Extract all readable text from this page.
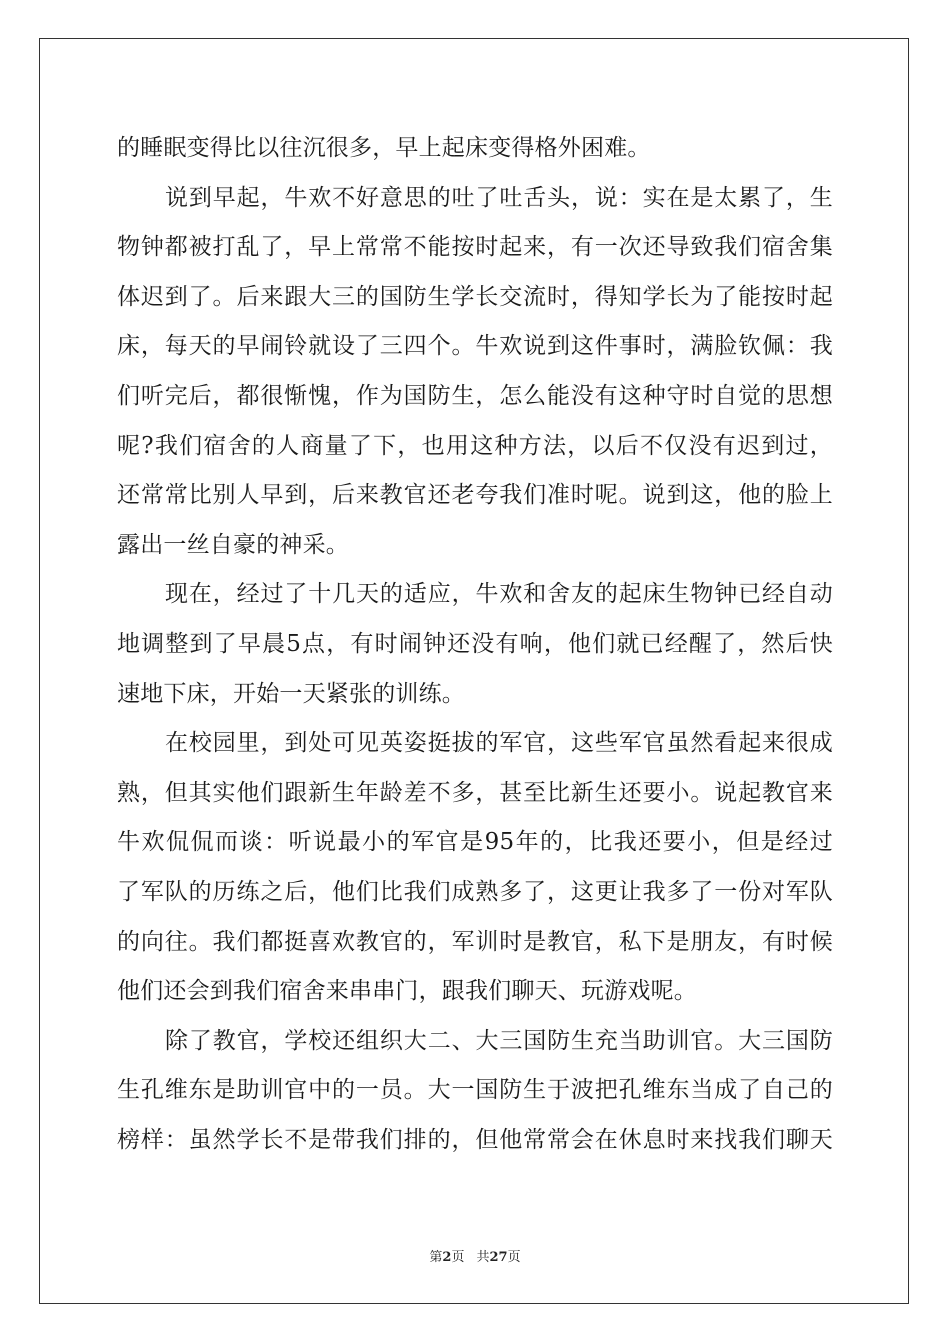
的睡眠变得比以往沉很多，早上起床变得格外困难。
说到早起，牛欢不好意思的吐了吐舌头，说：实在是太累了，生
物钟都被打乱了，早上常常不能按时起来，有一次还导致我们宿舍集
体迟到了。后来跟大三的国防生学长交流时，得知学长为了能按时起
床，每天的早闹铃就设了三四个。牛欢说到这件事时，满脸钦佩：我
们听完后，都很惭愧，作为国防生，怎么能没有这种守时自觉的思想
呢?我们宿舍的人商量了下，也用这种方法，以后不仅没有迟到过，
还常常比别人早到，后来教官还老夸我们准时呢。说到这，他的脸上
露出一丝自豪的神采。
现在，经过了十几天的适应，牛欢和舍友的起床生物钟已经自动
地调整到了早晨5点，有时闹钟还没有响，他们就已经醒了，然后快
速地下床，开始一天紧张的训练。
在校园里，到处可见英姿挺拔的军官，这些军官虽然看起来很成
熟，但其实他们跟新生年龄差不多，甚至比新生还要小。说起教官来
牛欢侃侃而谈：听说最小的军官是95年的，比我还要小，但是经过
了军队的历练之后，他们比我们成熟多了，这更让我多了一份对军队
的向往。我们都挺喜欢教官的，军训时是教官，私下是朋友，有时候
他们还会到我们宿舍来串串门，跟我们聊天、玩游戏呢。
除了教官，学校还组织大二、大三国防生充当助训官。大三国防
生孔维东是助训官中的一员。大一国防生于波把孔维东当成了自己的
榜样：虽然学长不是带我们排的，但他常常会在休息时来找我们聊天
第2页 共27页
